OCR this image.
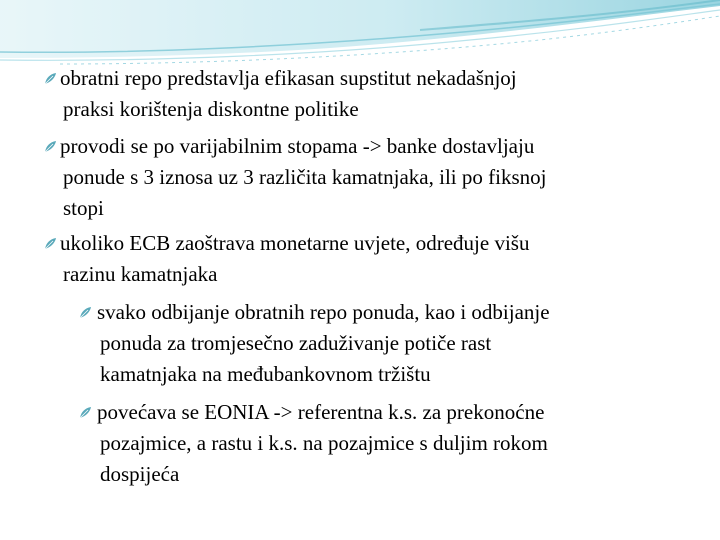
obratni repo predstavlja efikasan supstitut nekadašnjoj
praksi korištenja diskontne politike

provodi se po varijabilnim stopama -> banke dostavljaju
ponude s 3 iznosa uz 3 različita kamatnjaka, ili po fiksnoj
stopi

ukoliko ECB zaoštrava monetarne uvjete, određuje višu
razinu kamatnjaka

svako odbijanje obratnih repo ponuda, kao i odbijanje
ponuda za tromjesečno zaduživanje potiče rast
kamatnjaka na međubankovnom tržištu

povećava se EONIA -> referentna k.s. za prekonoćne
pozajmice, a rastu i k.s. na pozajmice s duljim rokom
dospijeća
